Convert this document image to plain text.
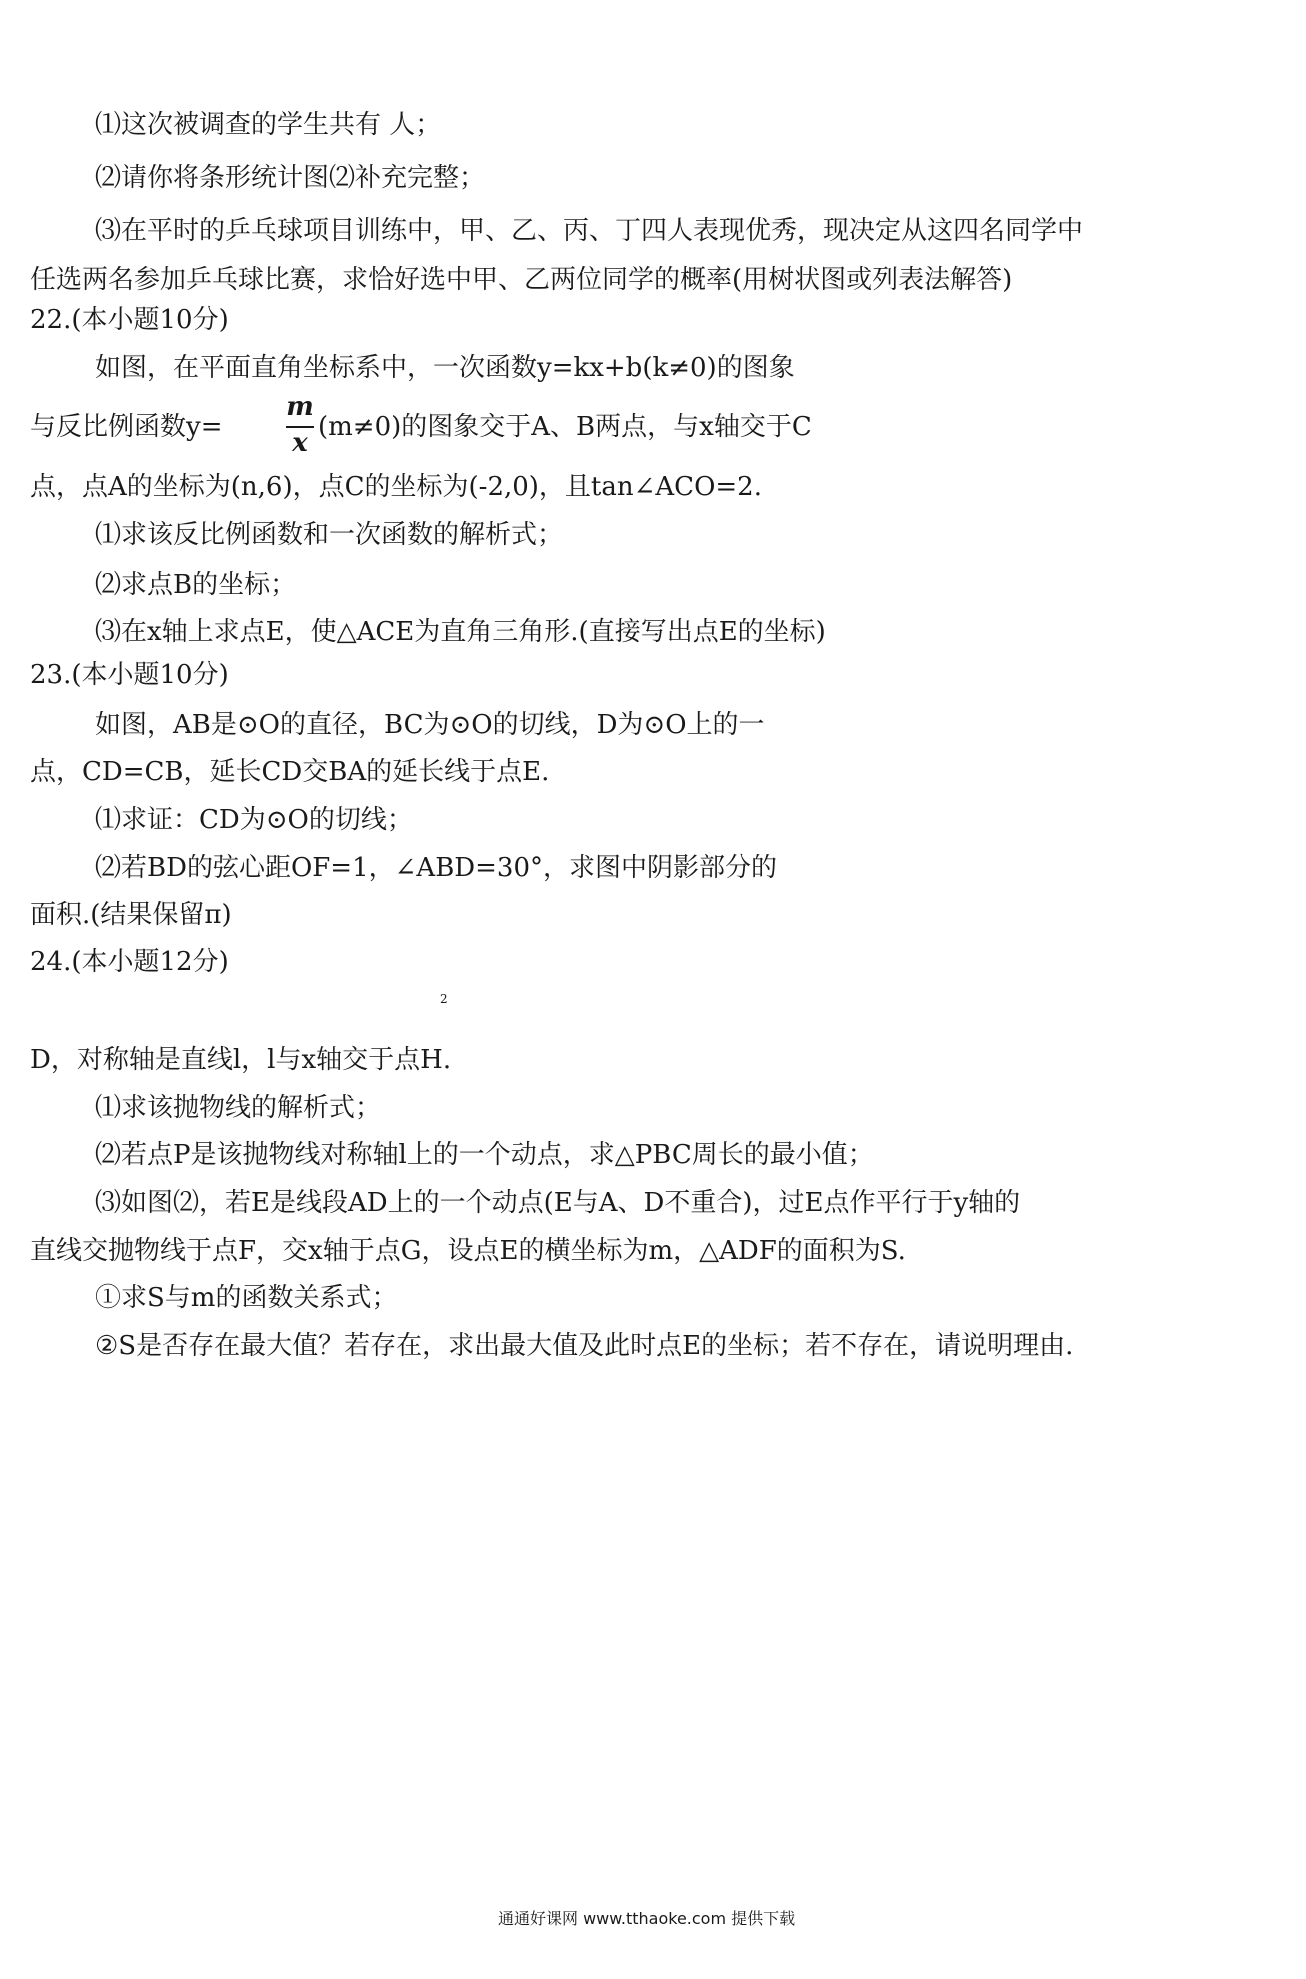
⑴这次被调查的学生共有 人；
⑵请你将条形统计图⑵补充完整；
⑶在平时的乒乓球项目训练中，甲、乙、丙、丁四人表现优秀，现决定从这四名同学中
任选两名参加乒乓球比赛，求恰好选中甲、乙两位同学的概率(用树状图或列表法解答)
22.(本小题10分)
如图，在平面直角坐标系中，一次函数y=kx+b(k≠0)的图象
与反比例函数y=
m
x
(m≠0)的图象交于A、B两点，与x轴交于C
点，点A的坐标为(n,6)，点C的坐标为(-2,0)，且tan∠ACO=2.
⑴求该反比例函数和一次函数的解析式；
⑵求点B的坐标；
⑶在x轴上求点E，使△ACE为直角三角形.(直接写出点E的坐标)
23.(本小题10分)
如图，AB是⊙O的直径，BC为⊙O的切线，D为⊙O上的一
点，CD=CB，延长CD交BA的延长线于点E.
⑴求证：CD为⊙O的切线；
⑵若BD的弦心距OF=1，∠ABD=30°，求图中阴影部分的
面积.(结果保留π)
24.(本小题12分)
2
D，对称轴是直线l，l与x轴交于点H.
⑴求该抛物线的解析式；
⑵若点P是该抛物线对称轴l上的一个动点，求△PBC周长的最小值；
⑶如图⑵，若E是线段AD上的一个动点(E与A、D不重合)，过E点作平行于y轴的
直线交抛物线于点F，交x轴于点G，设点E的横坐标为m，△ADF的面积为S.
①求S与m的函数关系式；
②S是否存在最大值？若存在，求出最大值及此时点E的坐标；若不存在，请说明理由.
通通好课网 www.tthaoke.com 提供下载
